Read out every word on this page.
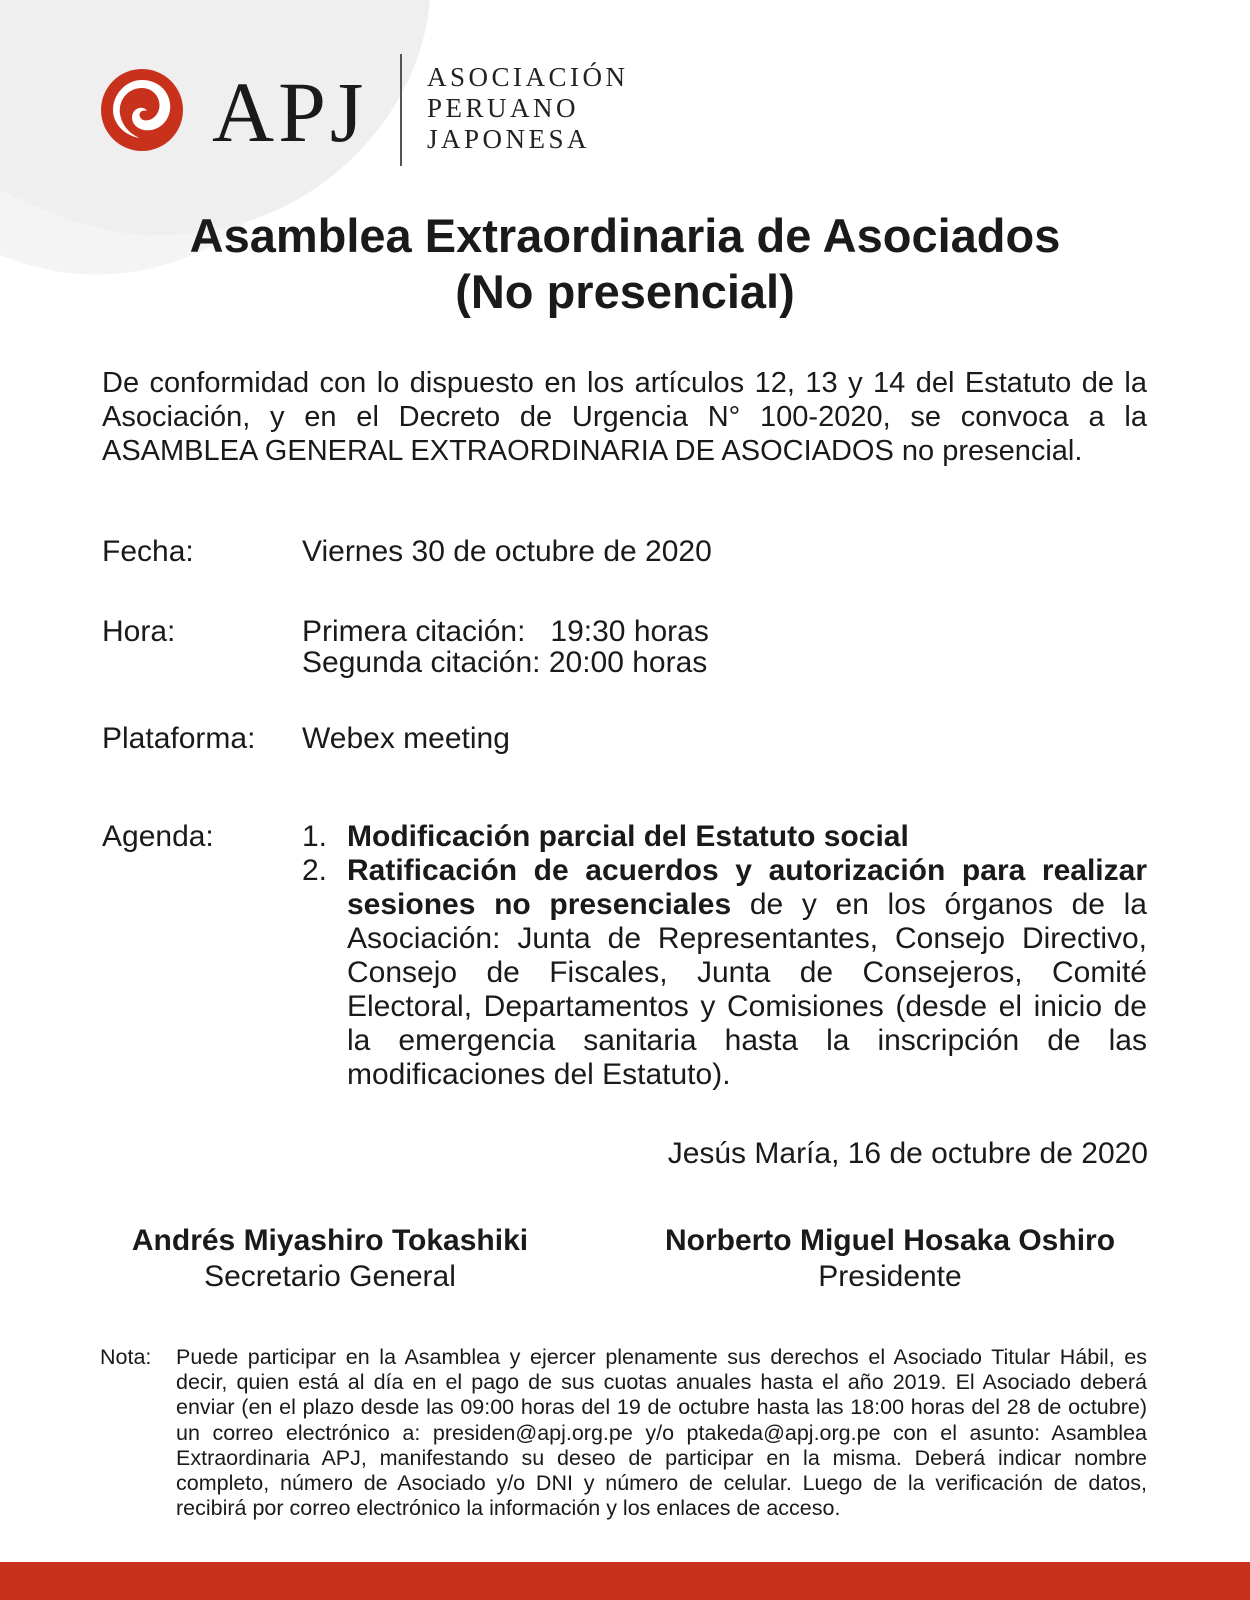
APJ ASOCIACIÓN
PERUANO
JAPONESA
Asamblea Extraordinaria de Asociados
(No presencial)
De conformidad con lo dispuesto en los artículos 12, 13 y 14 del Estatuto de la Asociación, y en el Decreto de Urgencia N° 100-2020, se convoca a la ASAMBLEA GENERAL EXTRAORDINARIA DE ASOCIADOS no presencial.
Fecha:	Viernes 30 de octubre de 2020
Hora:	Primera citación:   19:30 horas
Segunda citación: 20:00 horas
Plataforma: Webex meeting
Agenda:	1. Modificación parcial del Estatuto social
2. Ratificación de acuerdos y autorización para realizar sesiones no presenciales de y en los órganos de la Asociación: Junta de Representantes, Consejo Directivo, Consejo de Fiscales, Junta de Consejeros, Comité Electoral, Departamentos y Comisiones (desde el inicio de la emergencia sanitaria hasta la inscripción de las modificaciones del Estatuto).
Jesús María, 16 de octubre de 2020
Andrés Miyashiro Tokashiki
Secretario General
Norberto Miguel Hosaka Oshiro
Presidente
Nota: Puede participar en la Asamblea y ejercer plenamente sus derechos el Asociado Titular Hábil, es decir, quien está al día en el pago de sus cuotas anuales hasta el año 2019. El Asociado deberá enviar (en el plazo desde las 09:00 horas del 19 de octubre hasta las 18:00 horas del 28 de octubre) un correo electrónico a: presiden@apj.org.pe y/o ptakeda@apj.org.pe con el asunto: Asamblea Extraordinaria APJ, manifestando su deseo de participar en la misma. Deberá indicar nombre completo, número de Asociado y/o DNI y número de celular. Luego de la verificación de datos, recibirá por correo electrónico la información y los enlaces de acceso.
